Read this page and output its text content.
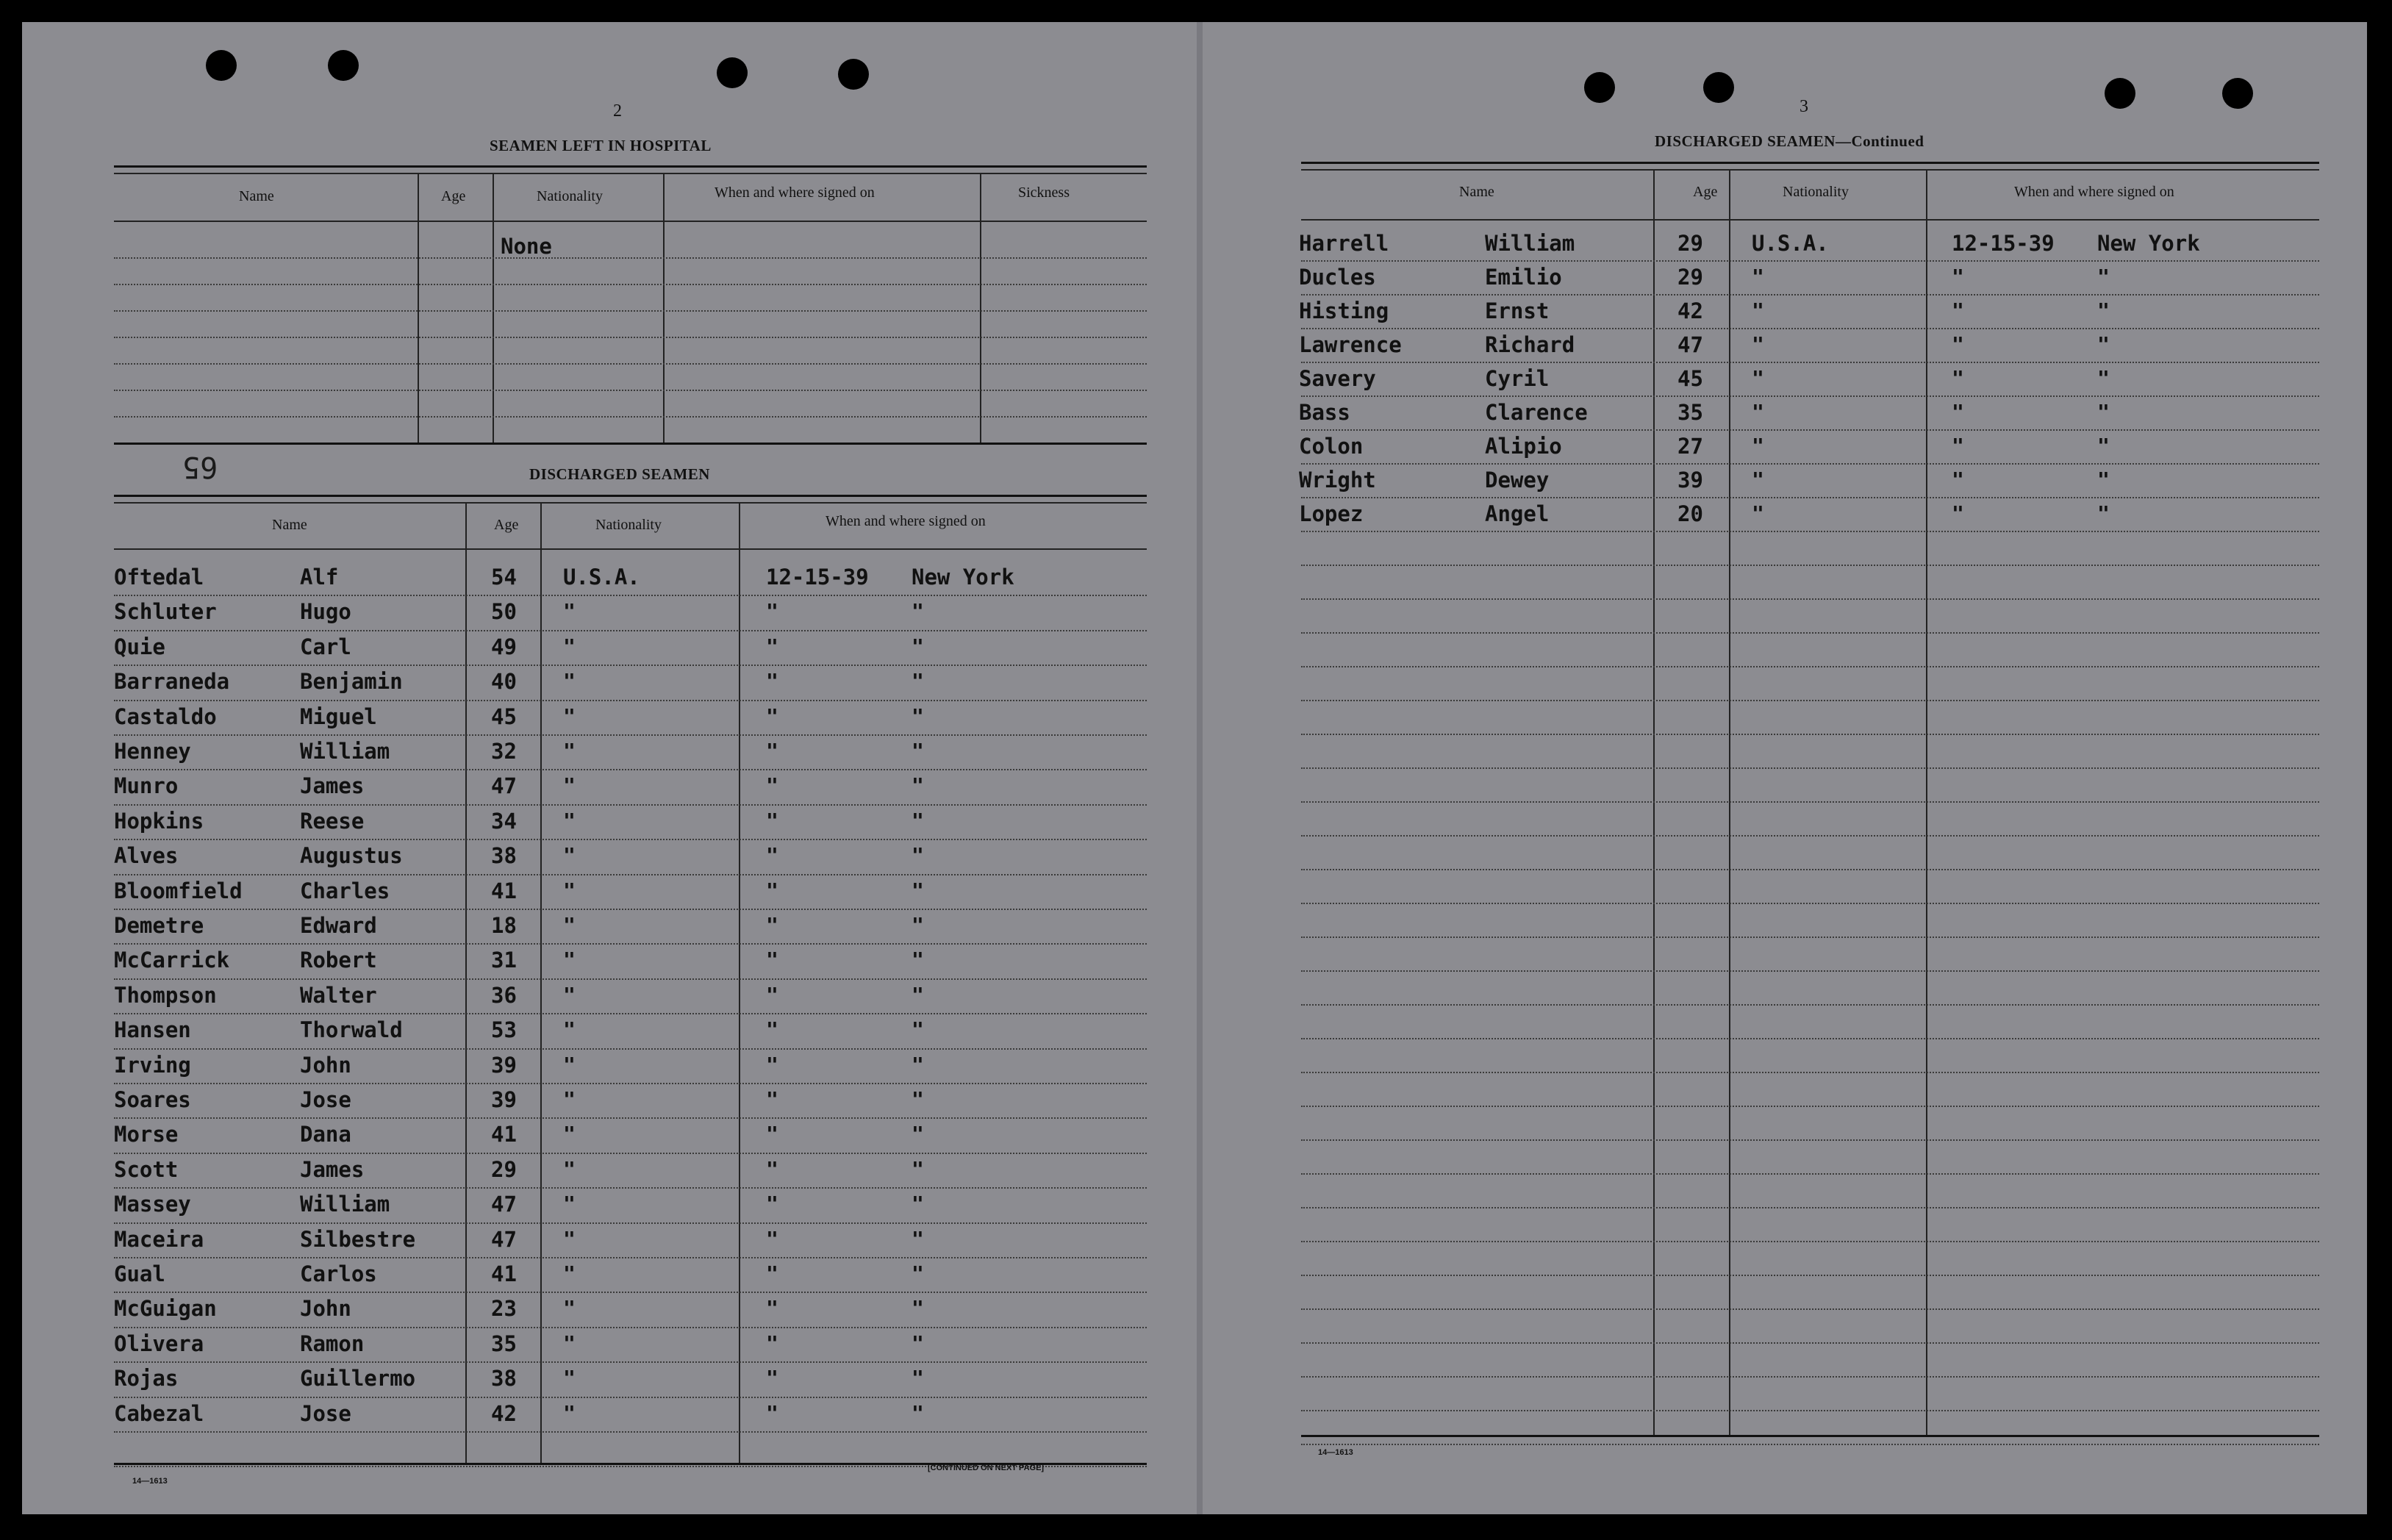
2
SEAMEN LEFT IN HOSPITAL
Name	Age	Nationality	When and where signed on	Sickness
None
65	DISCHARGED SEAMEN
Name	Age	Nationality	When and where signed on
Oftedal	Alf	54 U.S.A.	12-15-39 New York
Schluter	Hugo	50 "	"	"
Quie	Carl	49 "	"	"
Barraneda	Benjamin	40 "	"	"
Castaldo	Miguel	45 "	"	"
Henney	William	32 "	"	"
Munro	James	47 "	"	"
Hopkins	Reese	34 "	"	"
Alves	Augustus	38 "	"	"
Bloomfield	Charles	41 "	"	"
Demetre	Edward	18 "	"	"
McCarrick	Robert	31 "	"	"
Thompson	Walter	36 "	"	"
Hansen	Thorwald	53 "	"	"
Irving	John	39 "	"	"
Soares	Jose	39 "	"	"
Morse	Dana	41 "	"	"
Scott	James	29 "	"	"
Massey	William	47 "	"	"
Maceira	Silbestre	47 "	"	"
Gual	Carlos	41 "	"	"
McGuigan	John	23 "	"	"
Olivera	Ramon	35 "	"	"
Rojas	Guillermo	38 "	"	"
Cabezal	Jose	42 "	"	"
14—1613
[CONTINUED ON NEXT PAGE]
3
DISCHARGED SEAMEN—Continued
Name	Age	Nationality	When and where signed on
Harrell	William	29 U.S.A.	12-15-39 New York
Ducles	Emilio	29 "	"	"
Histing	Ernst	42 "	"	"
Lawrence	Richard	47 "	"	"
Savery	Cyril	45 "	"	"
Bass	Clarence	35 "	"	"
Colon	Alipio	27 "	"	"
Wright	Dewey	39 "	"	"
Lopez	Angel	20 "	"	"
14—1613
